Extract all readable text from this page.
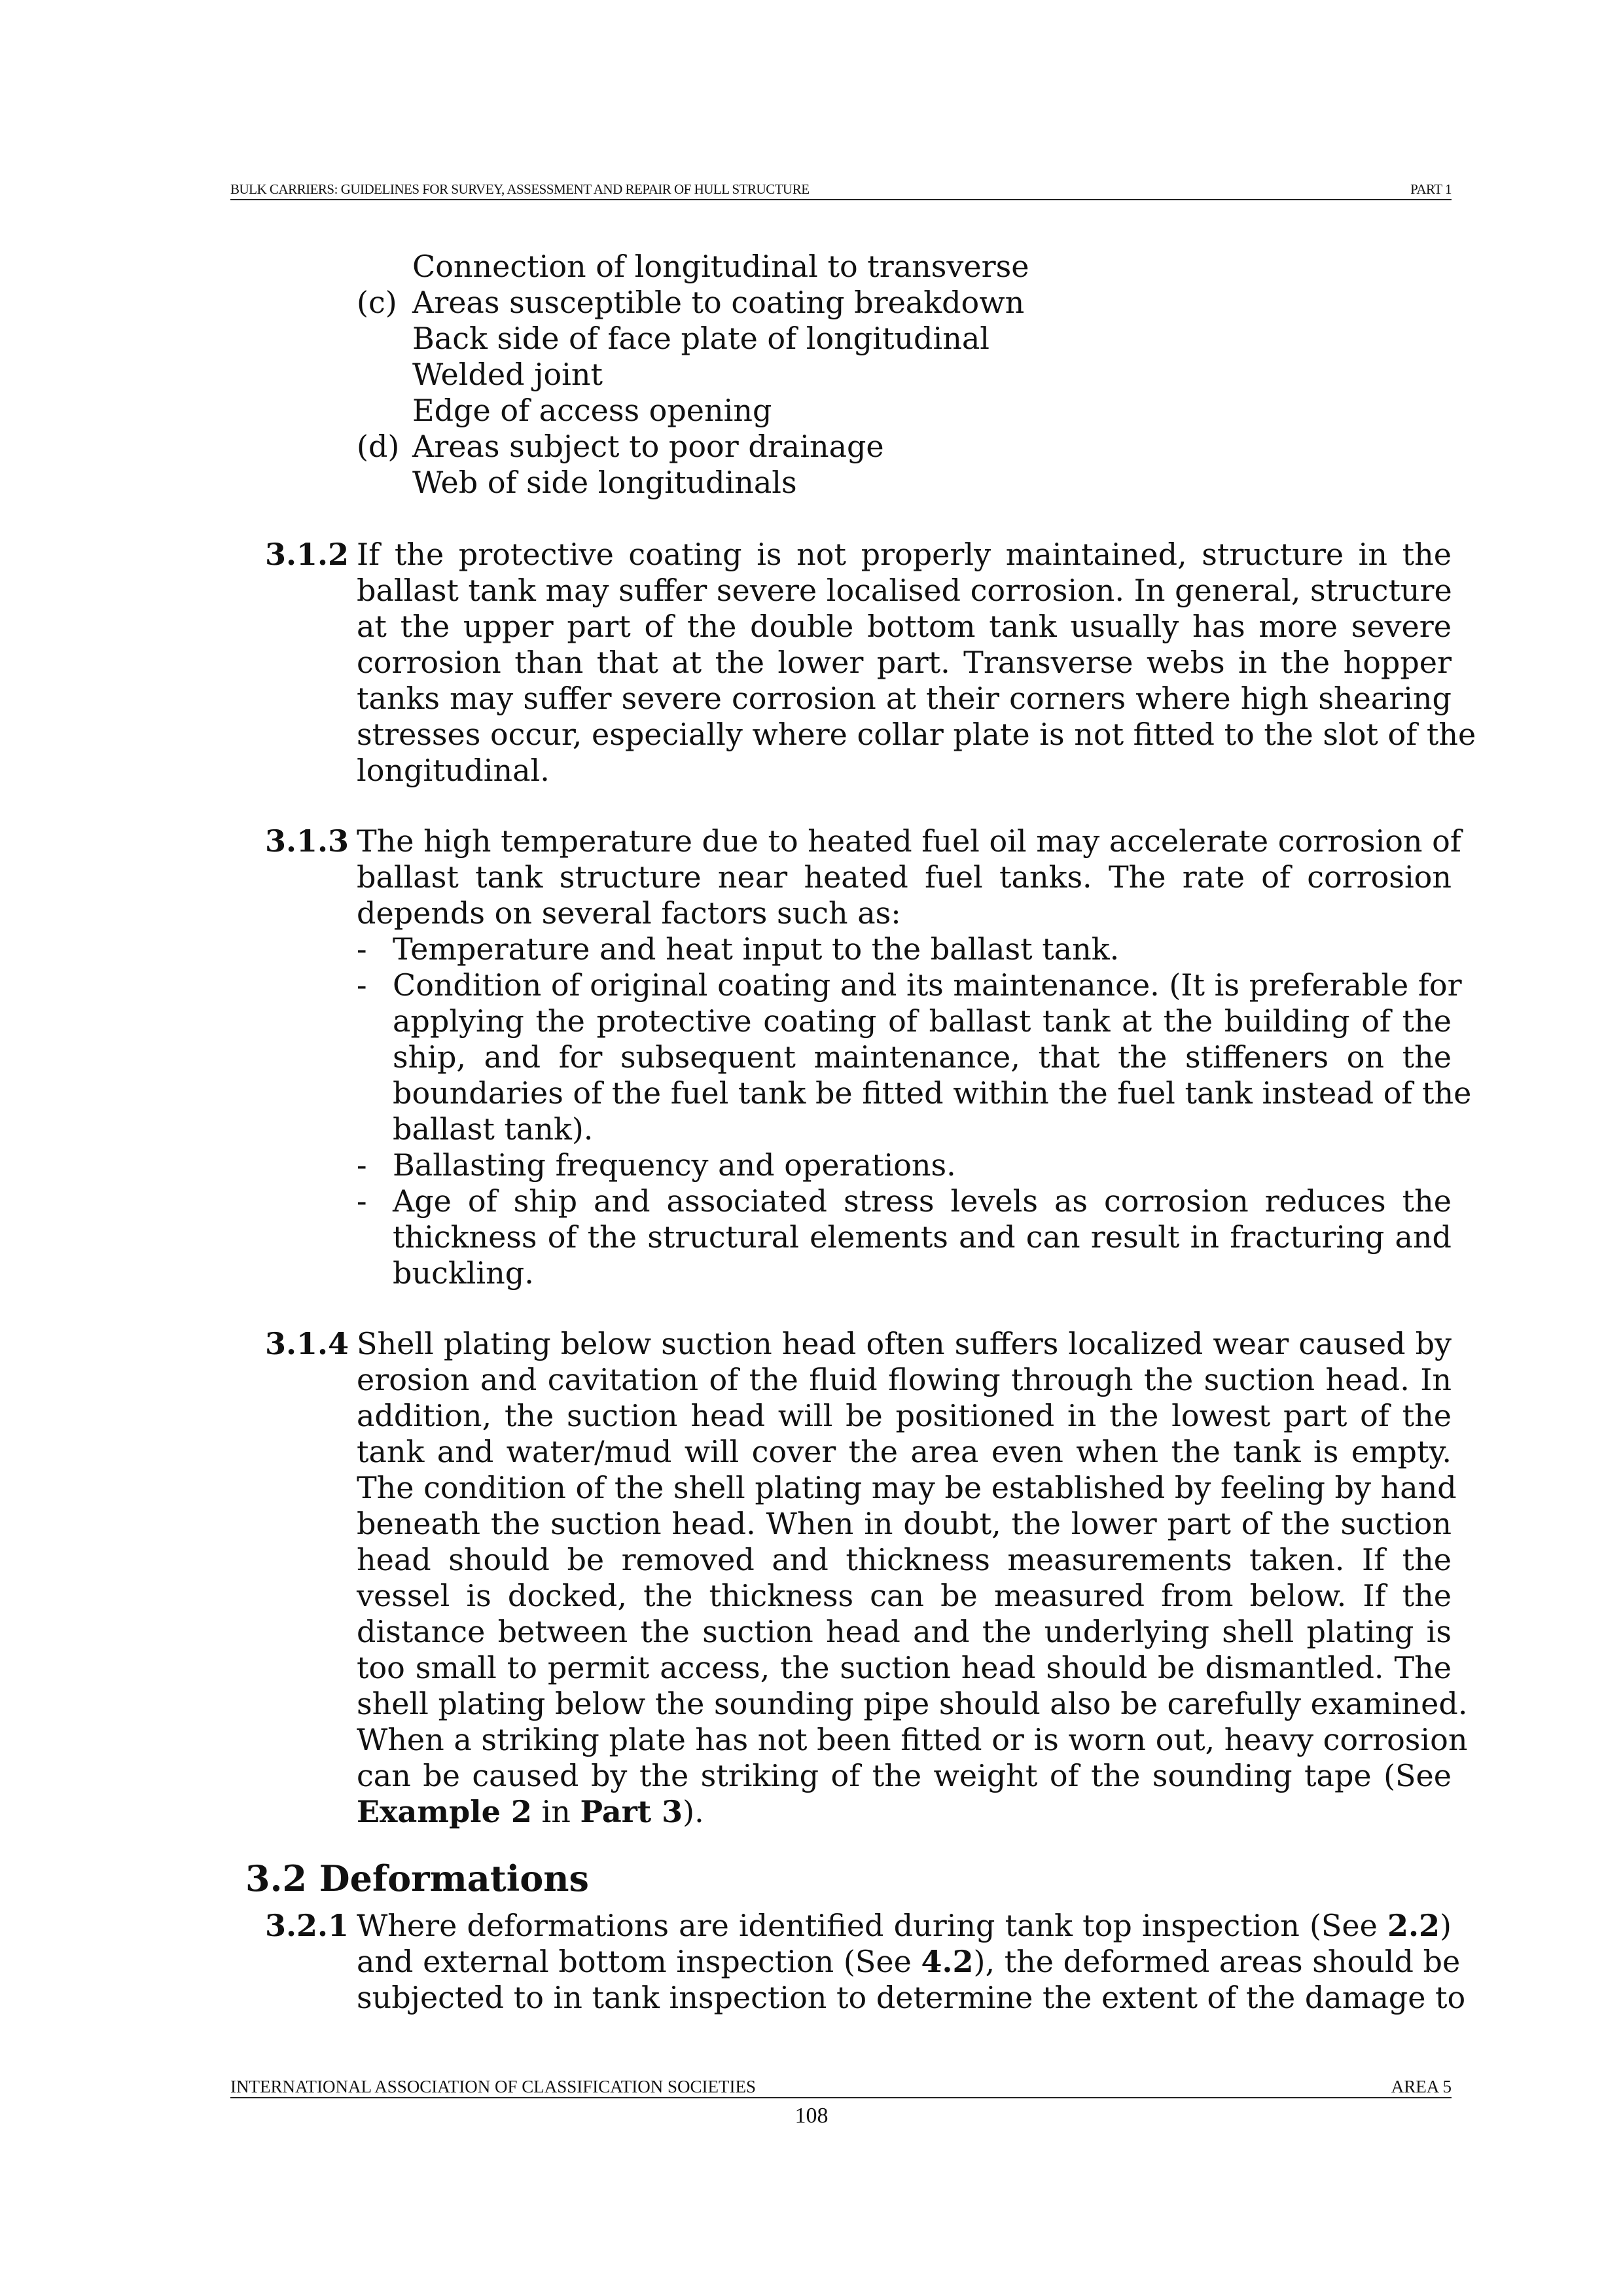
BULK CARRIERS: GUIDELINES FOR SURVEY, ASSESSMENT AND REPAIR OF HULL STRUCTURE	PART 1
Connection of longitudinal to transverse
(c) Areas susceptible to coating breakdown
Back side of face plate of longitudinal
Welded joint
Edge of access opening
(d) Areas subject to poor drainage
Web of side longitudinals
3.1.2 If the protective coating is not properly maintained, structure in the
ballast tank may suffer severe localised corrosion. In general, structure
at the upper part of the double bottom tank usually has more severe
corrosion than that at the lower part. Transverse webs in the hopper
tanks may suffer severe corrosion at their corners where high shearing
stresses occur, especially where collar plate is not fitted to the slot of the
longitudinal.
3.1.3 The high temperature due to heated fuel oil may accelerate corrosion of
ballast tank structure near heated fuel tanks. The rate of corrosion
depends on several factors such as:
- Temperature and heat input to the ballast tank.
- Condition of original coating and its maintenance. (It is preferable for
applying the protective coating of ballast tank at the building of the
ship, and for subsequent maintenance, that the stiffeners on the
boundaries of the fuel tank be fitted within the fuel tank instead of the
ballast tank).
- Ballasting frequency and operations.
- Age of ship and associated stress levels as corrosion reduces the
thickness of the structural elements and can result in fracturing and
buckling.
3.1.4 Shell plating below suction head often suffers localized wear caused by
erosion and cavitation of the fluid flowing through the suction head. In
addition, the suction head will be positioned in the lowest part of the
tank and water/mud will cover the area even when the tank is empty.
The condition of the shell plating may be established by feeling by hand
beneath the suction head. When in doubt, the lower part of the suction
head should be removed and thickness measurements taken. If the
vessel is docked, the thickness can be measured from below. If the
distance between the suction head and the underlying shell plating is
too small to permit access, the suction head should be dismantled. The
shell plating below the sounding pipe should also be carefully examined.
When a striking plate has not been fitted or is worn out, heavy corrosion
can be caused by the striking of the weight of the sounding tape (See
Example 2 in Part 3).
3.2 Deformations
3.2.1 Where deformations are identified during tank top inspection (See 2.2)
and external bottom inspection (See 4.2), the deformed areas should be
subjected to in tank inspection to determine the extent of the damage to
INTERNATIONAL ASSOCIATION OF CLASSIFICATION SOCIETIES	AREA 5
108
